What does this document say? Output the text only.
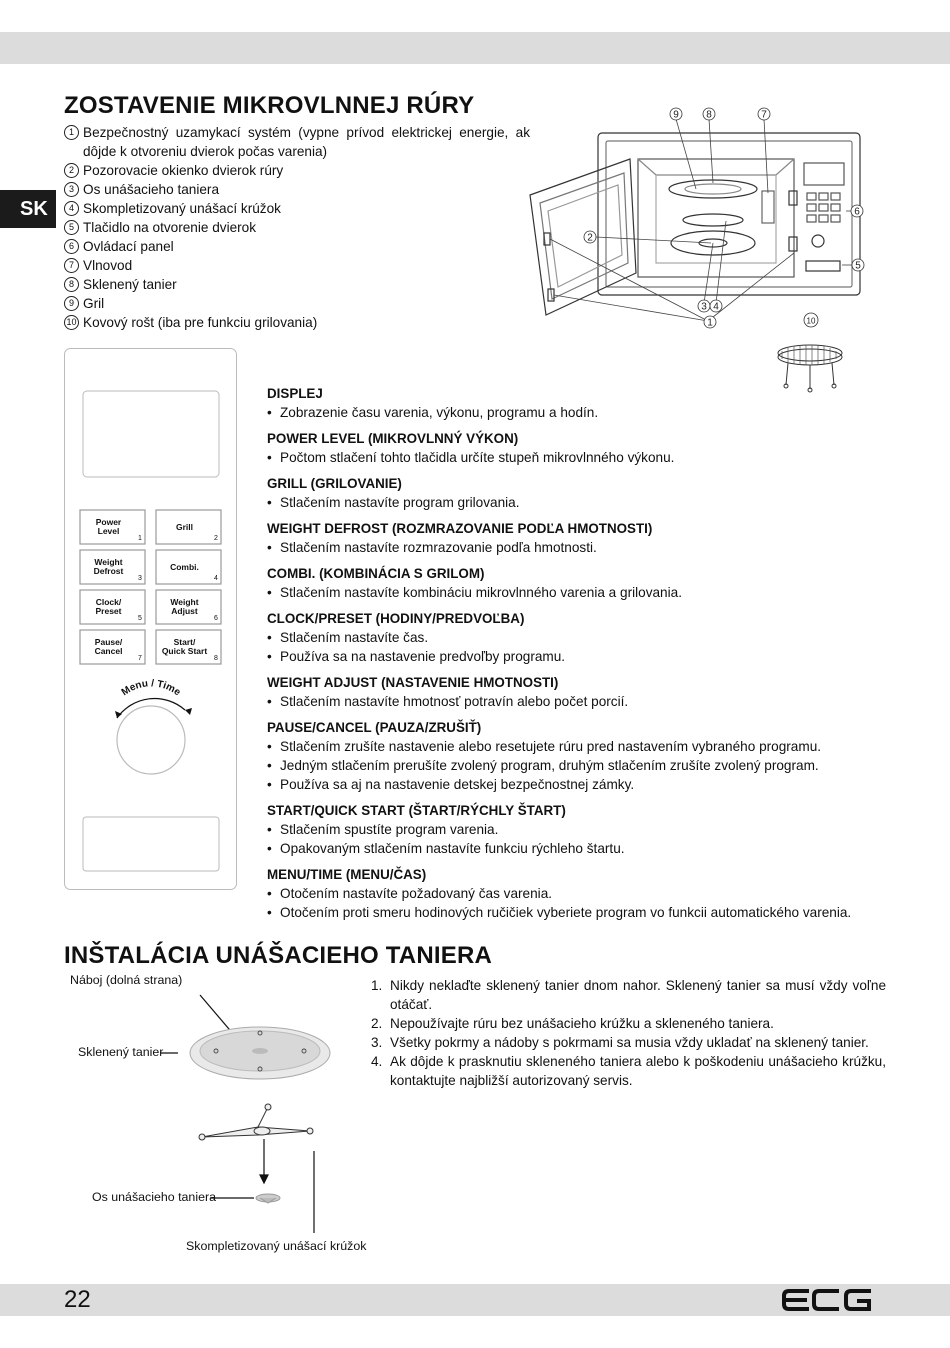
SK
ZOSTAVENIE MIKROVLNNEJ RÚRY
1 Bezpečnostný uzamykací systém (vypne prívod elektrickej energie, ak dôjde k otvoreniu dvierok počas varenia)
2 Pozorovacie okienko dvierok rúry
3 Os unášacieho taniera
4 Skompletizovaný unášací krúžok
5 Tlačidlo na otvorenie dvierok
6 Ovládací panel
7 Vlnovod
8 Sklenený tanier
9 Gril
10 Kovový rošt (iba pre funkciu grilovania)
9	8	7
6
5
2
3 4
1	10
Power
Level
1
Grill
2
Weight
Defrost
3
Combi.
4
Clock/
Preset
5
Weight
Adjust
6
Pause/
Cancel
7
Start/
Quick Start
8
Menu / Time
DISPLEJ
• Zobrazenie času varenia, výkonu, programu a hodín.
POWER LEVEL (MIKROVLNNÝ VÝKON)
• Počtom stlačení tohto tlačidla určíte stupeň mikrovlnného výkonu.
GRILL (GRILOVANIE)
• Stlačením nastavíte program grilovania.
WEIGHT DEFROST (ROZMRAZOVANIE PODĽA HMOTNOSTI)
• Stlačením nastavíte rozmrazovanie podľa hmotnosti.
COMBI. (KOMBINÁCIA S GRILOM)
• Stlačením nastavíte kombináciu mikrovlnného varenia a grilovania.
CLOCK/PRESET (HODINY/PREDVOĽBA)
• Stlačením nastavíte čas.
• Používa sa na nastavenie predvoľby programu.
WEIGHT ADJUST (NASTAVENIE HMOTNOSTI)
• Stlačením nastavíte hmotnosť potravín alebo počet porcií.
PAUSE/CANCEL (PAUZA/ZRUŠIŤ)
• Stlačením zrušíte nastavenie alebo resetujete rúru pred nastavením vybraného programu.
• Jedným stlačením prerušíte zvolený program, druhým stlačením zrušíte zvolený program.
• Používa sa aj na nastavenie detskej bezpečnostnej zámky.
START/QUICK START (ŠTART/RÝCHLY ŠTART)
• Stlačením spustíte program varenia.
• Opakovaným stlačením nastavíte funkciu rýchleho štartu.
MENU/TIME (MENU/ČAS)
• Otočením nastavíte požadovaný čas varenia.
• Otočením proti smeru hodinových ručičiek vyberiete program vo funkcii automatického varenia.
INŠTALÁCIA UNÁŠACIEHO TANIERA
Náboj (dolná strana)
Sklenený tanier
Os unášacieho taniera
Skompletizovaný unášací krúžok
1. Nikdy neklaďte sklenený tanier dnom nahor. Sklenený tanier sa musí vždy voľne otáčať.
2. Nepoužívajte rúru bez unášacieho krúžku a skleneného taniera.
3. Všetky pokrmy a nádoby s pokrmami sa musia vždy ukladať na sklenený tanier.
4. Ak dôjde k prasknutiu skleneného taniera alebo k poškodeniu unášacieho krúžku, kontaktujte najbližší autorizovaný servis.
22
